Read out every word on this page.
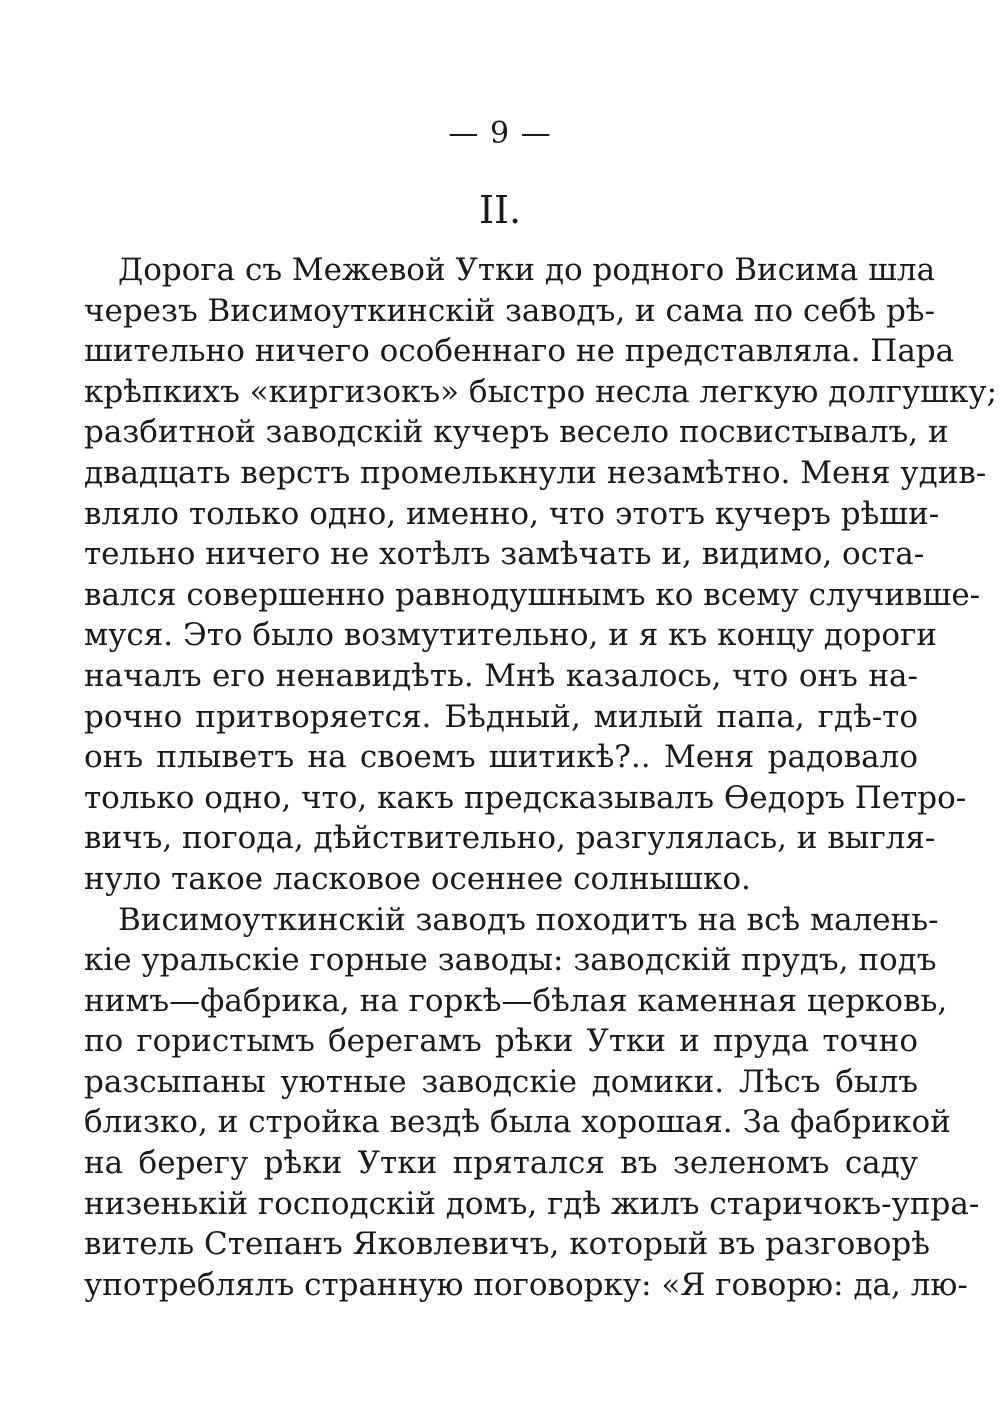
— 9 —
II.
Дорога съ Межевой Утки до родного Висима шла
черезъ Висимоуткинскій заводъ, и сама по себѣ рѣ-
шительно ничего особеннаго не представляла. Пара
крѣпкихъ «киргизокъ» быстро несла легкую долгушку;
разбитной заводскій кучеръ весело посвистывалъ, и
двадцать верстъ промелькнули незамѣтно. Меня удив-
вляло только одно, именно, что этотъ кучеръ рѣши-
тельно ничего не хотѣлъ замѣчать и, видимо, оста-
вался совершенно равнодушнымъ ко всему случивше-
муся. Это было возмутительно, и я къ концу дороги
началъ его ненавидѣть. Мнѣ казалось, что онъ на-
рочно притворяется. Бѣдный, милый папа, гдѣ-то
онъ плыветъ на своемъ шитикѣ?.. Меня радовало
только одно, что, какъ предсказывалъ Ѳедоръ Петро-
вичъ, погода, дѣйствительно, разгулялась, и выгля-
нуло такое ласковое осеннее солнышко.
Висимоуткинскій заводъ походитъ на всѣ малень-
кіе уральскіе горные заводы: заводскій прудъ, подъ
нимъ—фабрика, на горкѣ—бѣлая каменная церковь,
по гористымъ берегамъ рѣки Утки и пруда точно
разсыпаны уютные заводскіе домики. Лѣсъ былъ
близко, и стройка вездѣ была хорошая. За фабрикой
на берегу рѣки Утки прятался въ зеленомъ саду
низенькій господскій домъ, гдѣ жилъ старичокъ-упра-
витель Степанъ Яковлевичъ, который въ разговорѣ
употреблялъ странную поговорку: «Я говорю: да, лю-
